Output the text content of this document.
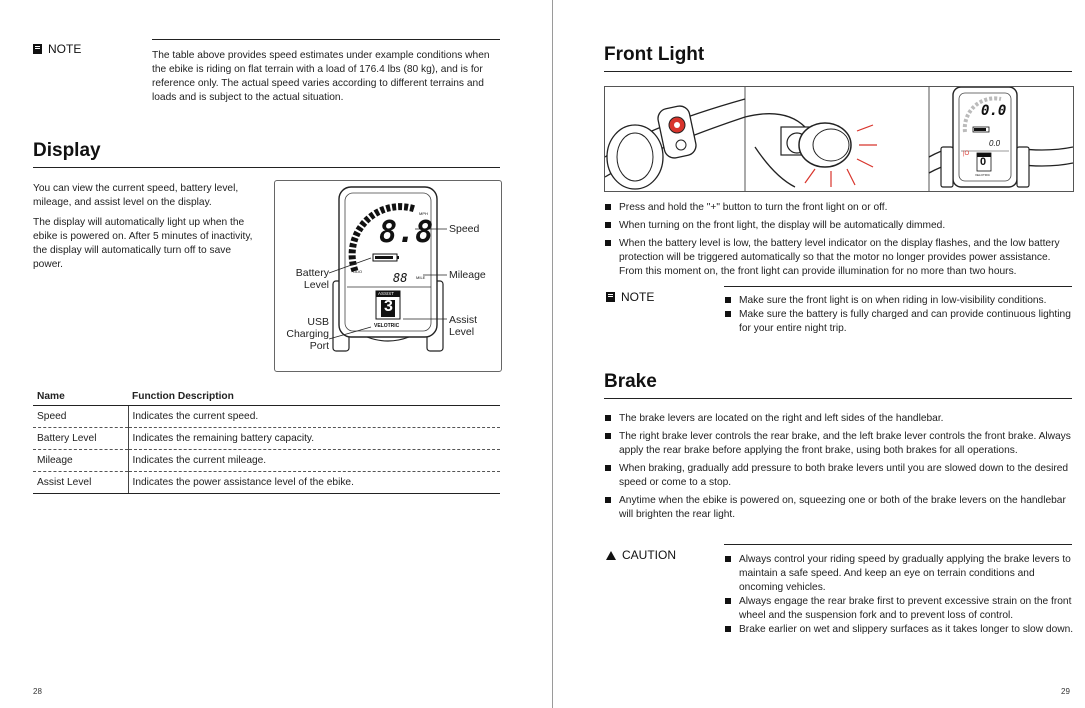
NOTE	The table above provides speed estimates under example conditions when the ebike is riding on flat terrain with a load of 176.4 lbs (80 kg), and is for reference only. The actual speed varies according to different terrains and loads and is subject to the actual situation.

Display

You can view the current speed, battery level, mileage, and assist level on the display.

The display will automatically light up when the ebike is powered on. After 5 minutes of inactivity, the display will automatically turn off to save power.

8.8
MPH
ODO	88 MILE
ASSIST
3
VELOTRIC
Speed
Battery
Level
Mileage
Assist
Level
USB
Charging
Port
Name	Function Description
Speed	Indicates the current speed.
Battery Level	Indicates the remaining battery capacity.
Mileage	Indicates the current mileage.
Assist Level	Indicates the power assistance level of the ebike.
28
Front Light
0.0
0.0
|O
0
VELOTRIC
Press and hold the "+" button to turn the front light on or off.
When turning on the front light, the display will be automatically dimmed.
When the battery level is low, the battery level indicator on the display flashes, and the low battery protection will be triggered automatically so that the motor no longer provides power assistance. From this moment on, the front light can provide illumination for no more than two hours.
NOTE	Make sure the front light is on when riding in low-visibility conditions.
Make sure the battery is fully charged and can provide continuous lighting for your entire night trip.
Brake
The brake levers are located on the right and left sides of the handlebar.
The right brake lever controls the rear brake, and the left brake lever controls the front brake. Always apply the rear brake before applying the front brake, using both brakes for all operations.
When braking, gradually add pressure to both brake levers until you are slowed down to the desired speed or come to a stop.
Anytime when the ebike is powered on, squeezing one or both of the brake levers on the handlebar will brighten the rear light.
CAUTION	Always control your riding speed by gradually applying the brake levers to maintain a safe speed. And keep an eye on terrain conditions and oncoming vehicles.
Always engage the rear brake first to prevent excessive strain on the front wheel and the suspension fork and to prevent loss of control.
Brake earlier on wet and slippery surfaces as it takes longer to slow down.
29
